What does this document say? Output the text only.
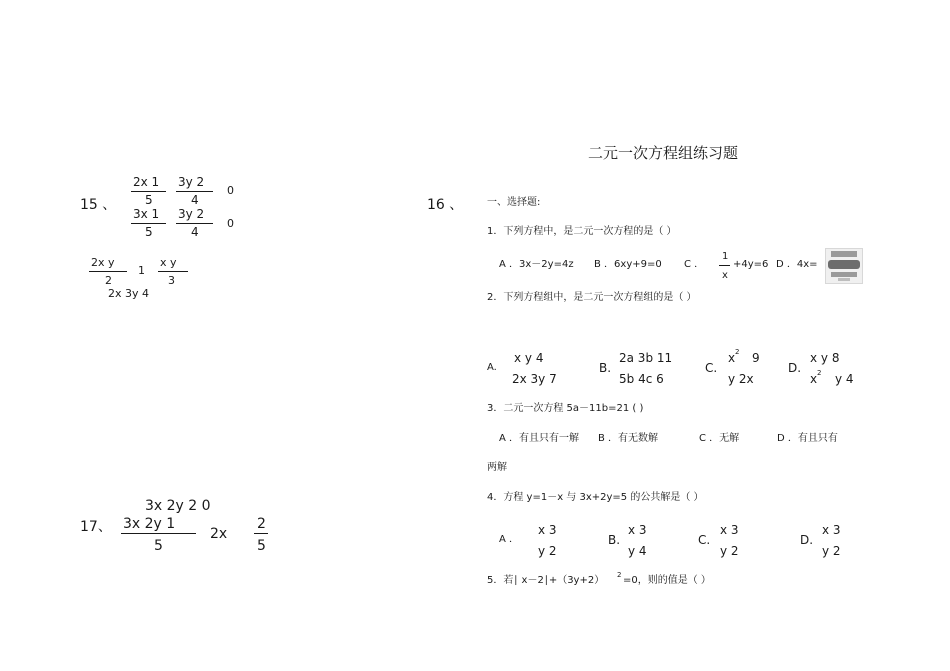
二元一次方程组练习题
15 、
2x 1
5
3y 2
4
0
3x 1
5
3y 2
4
0
2x y
2
1
x y
3
2x 3y 4
17、
3x 2y 2 0
3x 2y 1
5
2x
2
5
16 、 一、选择题:
1．下列方程中，是二元一次方程的是（ ）
A ．3x－2y=4z B ．6xy+9=0 C ．
1
x
+4y=6 D ．4x=
2．下列方程组中，是二元一次方程组的是（ ）
A.
x y 4
2x 3y 7
B.
2a 3b 11
5b 4c 6
C.
x 2 9
y 2x
D.
x y 8
x 2 y 4
3．二元一次方程 5a－11b=21 ( )
A ．有且只有一解 B ．有无数解	C ．无解	D ．有且只有
两解
4．方程 y=1－x 与 3x+2y=5 的公共解是（ ）
A ．
x 3
y 2
B.
x 3
y 4
C.
x 3
y 2
D.
x 3
y 2
5．若∣ x－2∣+（3y+2） 2 =0，则的值是（ ）
